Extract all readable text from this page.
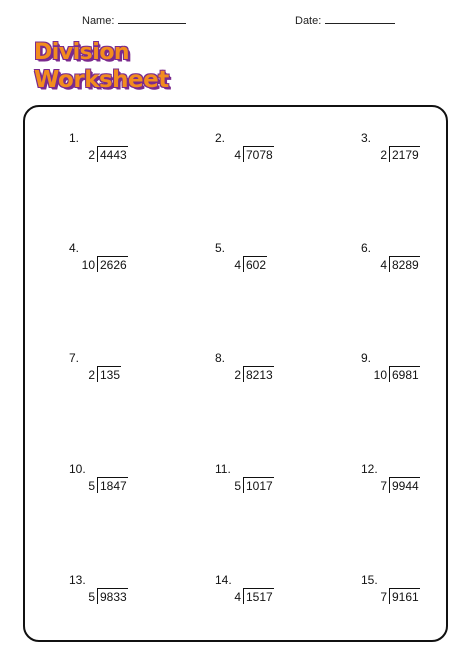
Name:	Date:
Division
Worksheet
1.
2 4443
2.
4 7078
3.
2 2179
4.
10 2626
5.
4 602
6.
4 8289
7.
2 135
8.
2 8213
9.
10 6981
10.
5 1847
11.
5 1017
12.
7 9944
13.
5 9833
14.
4 1517
15.
7 9161
